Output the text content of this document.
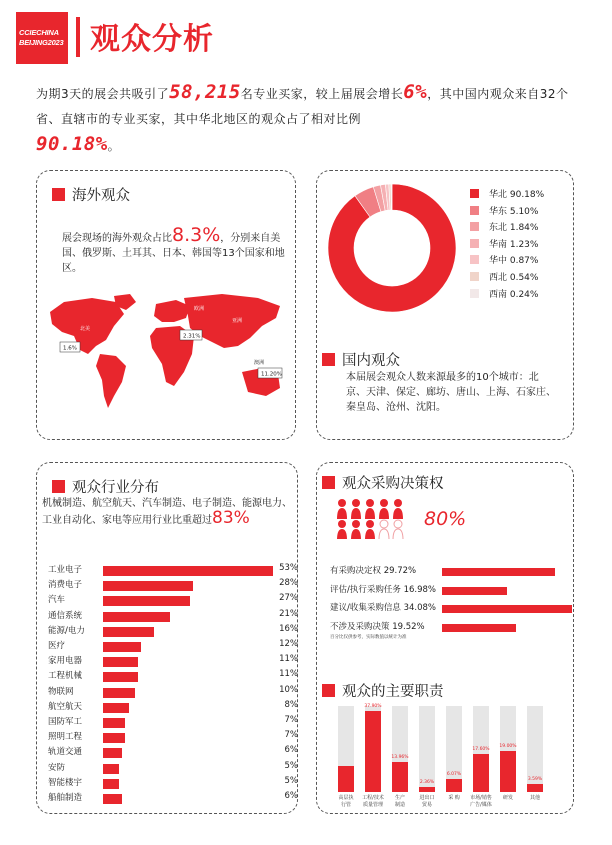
CCIECHINA
BEIJING2023 观众分析
为期3天的展会共吸引了58,215名专业买家，较上届展会增长6%，其中国内观众来自32个省、直辖市的专业买家，其中华北地区的观众占了相对比例
90.18%。
海外观众
展会现场的海外观众占比8.3%，分别来自美国、俄罗斯、土耳其、日本、韩国等13个国家和地区。
北美
欧洲
亚洲
澳洲
1.6%
2.31%
84.89%
11.20%
华北 90.18%
华东 5.10%
东北 1.84%
华南 1.23%
华中 0.87%
西北 0.54%
西南 0.24%
国内观众
本届展会观众人数来源最多的10个城市：北京、天津、保定、廊坊、唐山、上海、石家庄、秦皇岛、沧州、沈阳。
观众行业分布
机械制造、航空航天、汽车制造、电子制造、能源电力、工业自动化、家电等应用行业比重超过83%
工业电子	53%
消费电子	28%
汽车	27%
通信系统	21%
能源/电力	16%
医疗	12%
家用电器	11%
工程机械	11%
物联网	10%
航空航天	8%
国防军工	7%
照明工程	7%
轨道交通	6%
安防	5%
智能楼宇	5%
船舶制造	6%
观众采购决策权
80%
有采购决定权 29.72%
评估/执行采购任务 16.98%
建议/收集采购信息 34.08%
不涉及采购决策 19.52%
百分比仅供参考，实际数值以统计为准
观众的主要职责
高层执
行管
37.90%
工程/技术
质量管理
13.96%
生产
制造
2.36%
进出口
贸易
6.07%
采 购
17.60%
市场/销售
广告/媒体
19.00%
研发
3.59%
其他
